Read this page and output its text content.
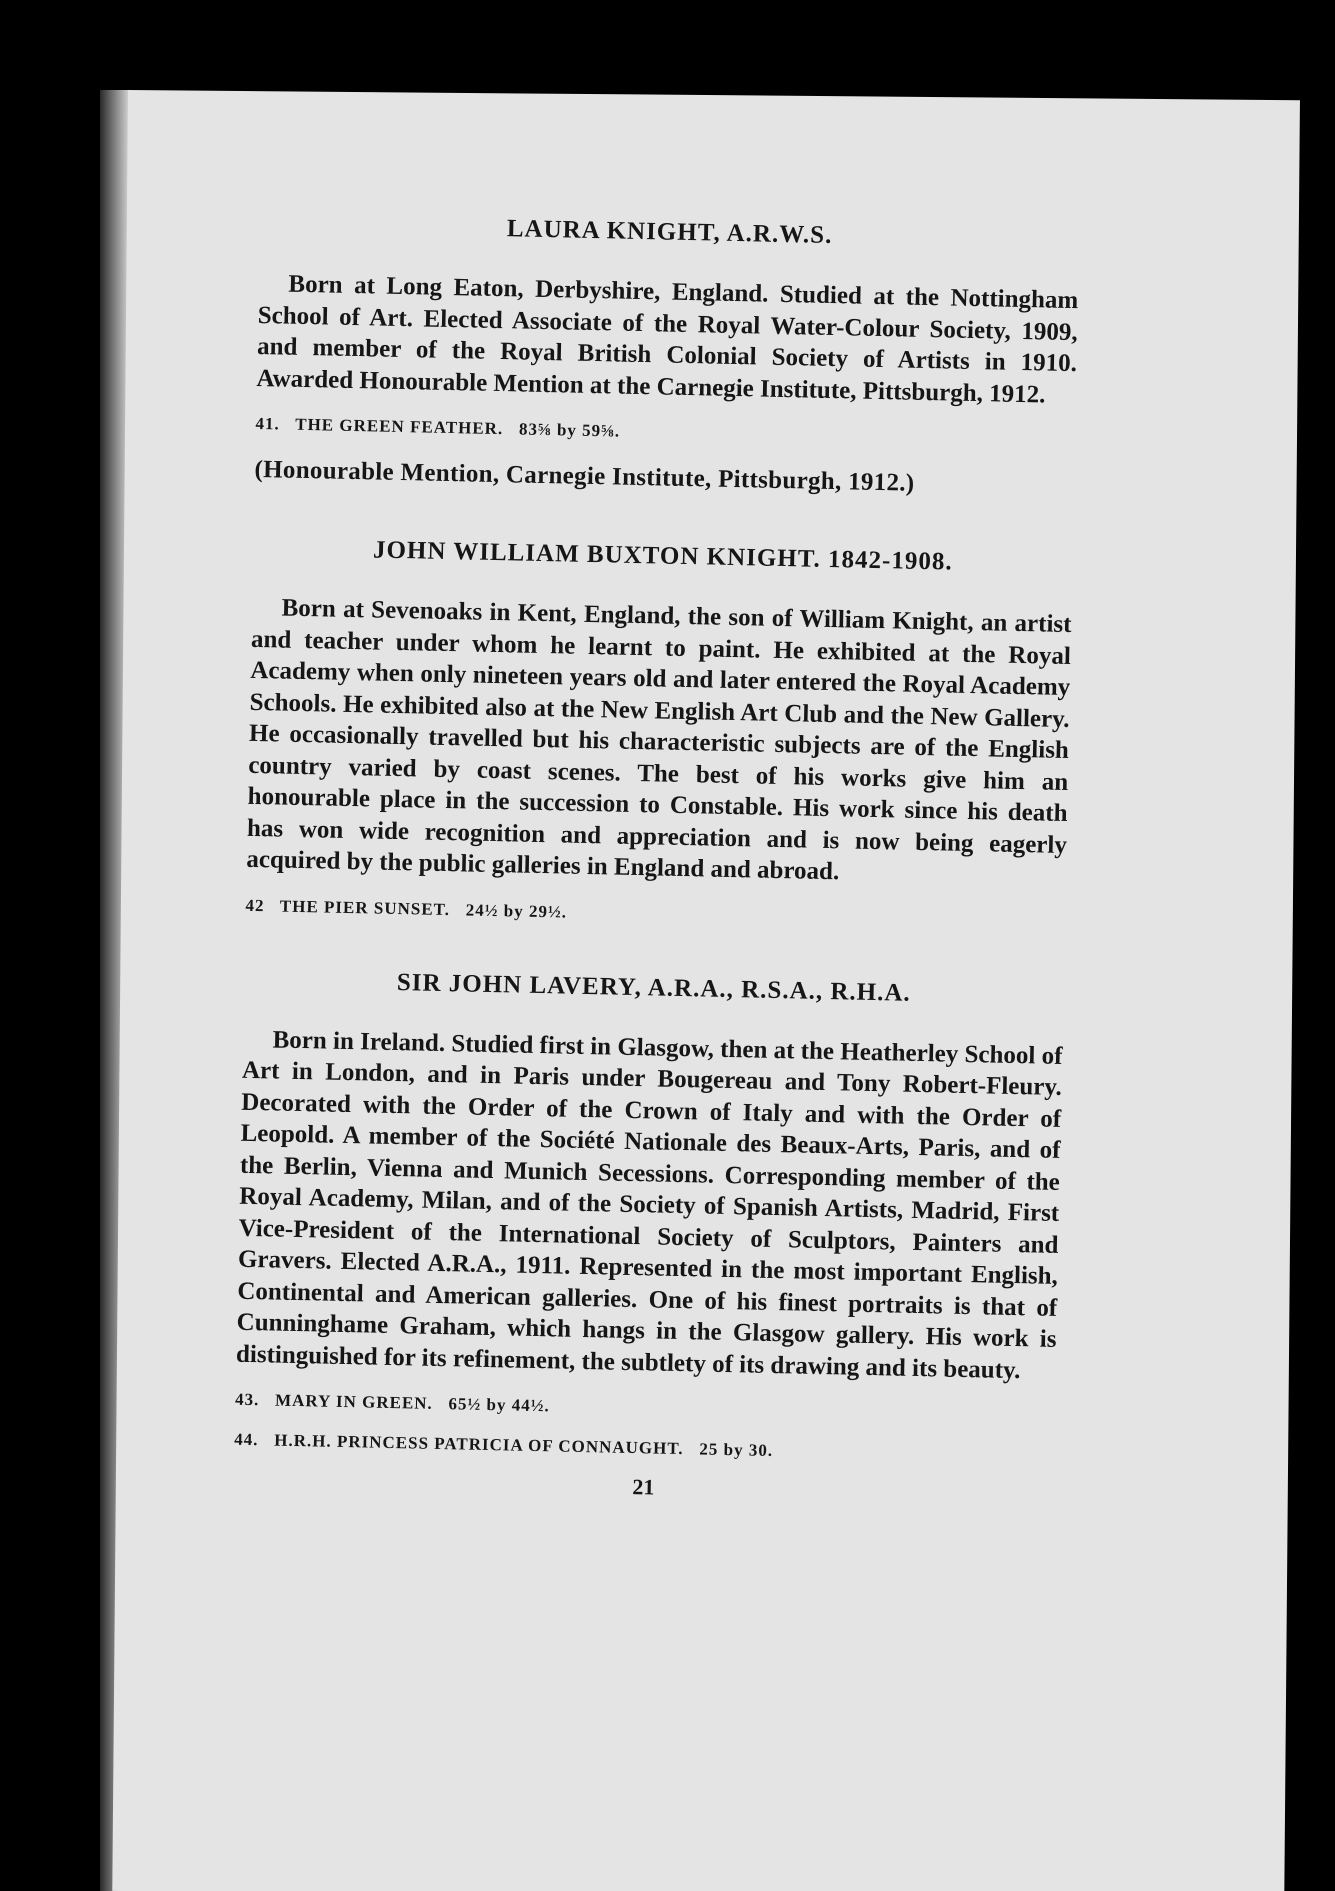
LAURA KNIGHT, A.R.W.S.

Born at Long Eaton, Derbyshire, England. Studied at the Nottingham School of Art. Elected Associate of the Royal Water-Colour Society, 1909, and member of the Royal British Colonial Society of Artists in 1910. Awarded Honourable Mention at the Carnegie Institute, Pittsburgh, 1912.

41. THE GREEN FEATHER. 83⅝ by 59⅝.
(Honourable Mention, Carnegie Institute, Pittsburgh, 1912.)
JOHN WILLIAM BUXTON KNIGHT. 1842-1908.

Born at Sevenoaks in Kent, England, the son of William Knight, an artist and teacher under whom he learnt to paint. He exhibited at the Royal Academy when only nineteen years old and later entered the Royal Academy Schools. He exhibited also at the New English Art Club and the New Gallery. He occasionally travelled but his characteristic subjects are of the English country varied by coast scenes. The best of his works give him an honourable place in the succession to Constable. His work since his death has won wide recognition and appreciation and is now being eagerly acquired by the public galleries in England and abroad.

42 THE PIER SUNSET. 24½ by 29½.
SIR JOHN LAVERY, A.R.A., R.S.A., R.H.A.

Born in Ireland. Studied first in Glasgow, then at the Heatherley School of Art in London, and in Paris under Bougereau and Tony Robert-Fleury. Decorated with the Order of the Crown of Italy and with the Order of Leopold. A member of the Société Nationale des Beaux-Arts, Paris, and of the Berlin, Vienna and Munich Secessions. Corresponding member of the Royal Academy, Milan, and of the Society of Spanish Artists, Madrid, First Vice-President of the International Society of Sculptors, Painters and Gravers. Elected A.R.A., 1911. Represented in the most important English, Continental and American galleries. One of his finest portraits is that of Cunninghame Graham, which hangs in the Glasgow gallery. His work is distinguished for its refinement, the subtlety of its drawing and its beauty.

43. MARY IN GREEN. 65½ by 44½.
44. H.R.H. PRINCESS PATRICIA OF CONNAUGHT. 25 by 30.
21
